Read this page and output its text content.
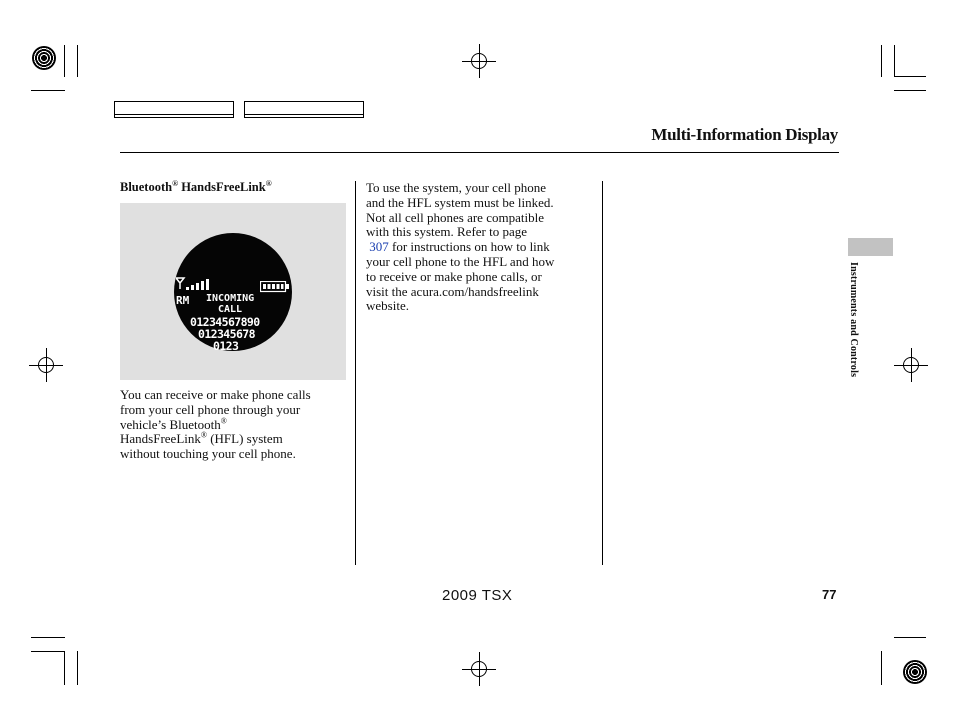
Multi-Information Display
Bluetooth® HandsFreeLink®
RM INCOMING
CALL
01234567890
012345678
0123
You can receive or make phone calls
from your cell phone through your
vehicle’s Bluetooth®
HandsFreeLink® (HFL) system
without touching your cell phone.
To use the system, your cell phone
and the HFL system must be linked.
Not all cell phones are compatible
with this system. Refer to page
307 for instructions on how to link
your cell phone to the HFL and how
to receive or make phone calls, or
visit the acura.com/handsfreelink
website.	Instruments and Controls
2009 TSX	77
